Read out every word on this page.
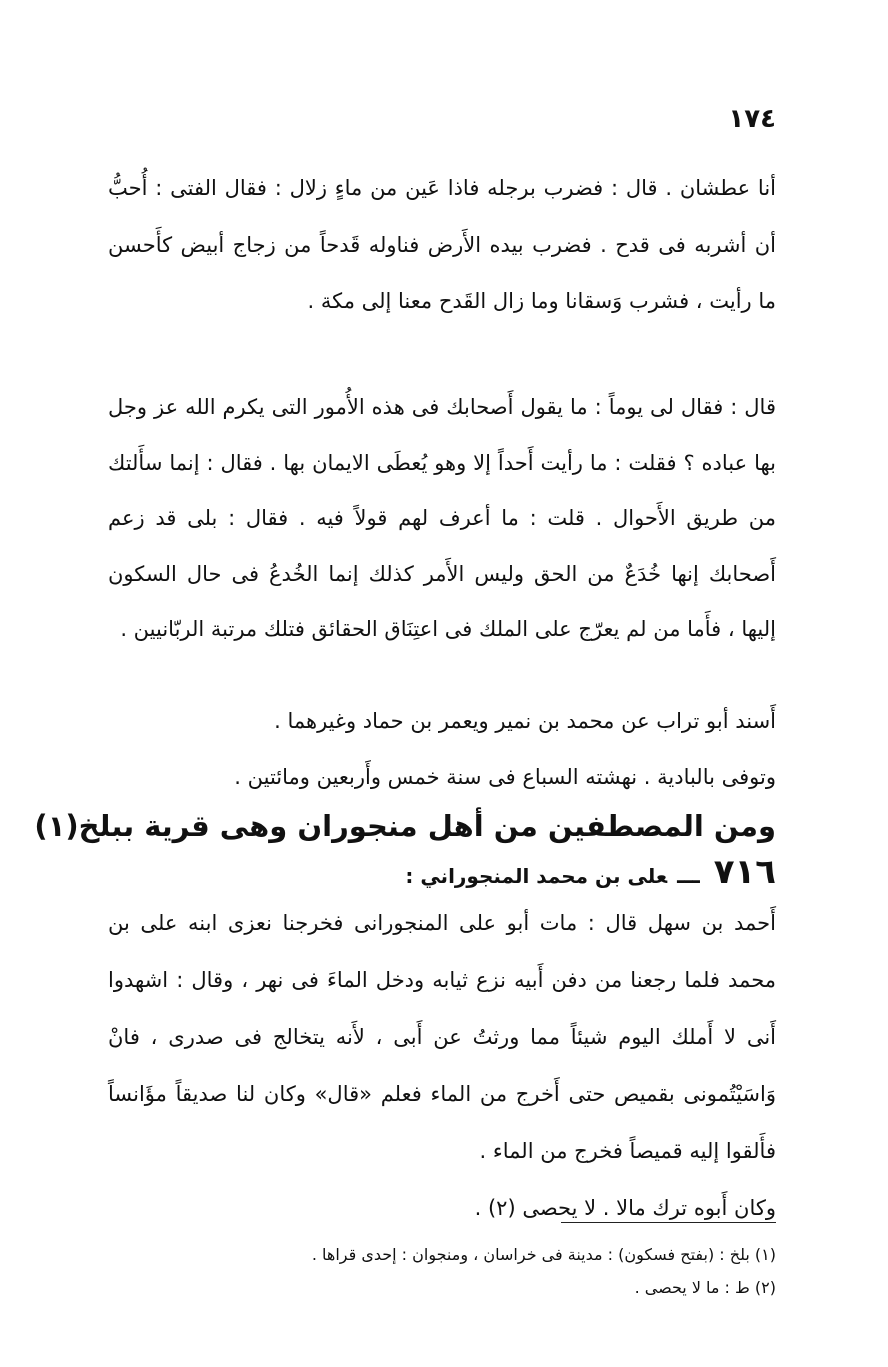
١٧٤

أنا عطشان . قال : فضرب برجله فاذا عَين من ماءٍ زلال : فقال الفتى : أُحبُّ أن أشربه فى قدح . فضرب بيده الأَرض فناوله قَدحاً من زجاج أبيض كأَحسن ما رأيت ، فشرب وَسقانا وما زال القَدح معنا إلى مكة .

قال : فقال لى يوماً : ما يقول أَصحابك فى هذه الأُمور التى يكرم الله عز وجل بها عباده ؟ فقلت : ما رأيت أَحداً إلا وهو يُعطَى الايمان بها . فقال : إنما سأَلتك من طريق الأَحوال . قلت : ما أعرف لهم قولاً فيه . فقال : بلى قد زعم أَصحابك إنها خُدَعٌ من الحق وليس الأَمر كذلك إنما الخُدعُ فى حال السكون إليها ، فأَما من لم يعرّج على الملك فى اعتِنَاق الحقائق فتلك مرتبة الربّانيين .

أَسند أبو تراب عن محمد بن نمير ويعمر بن حماد وغيرهما .

وتوفى بالبادية . نهشته السباع فى سنة خمس وأَربعين ومائتين .

ومن المصطفين من أهل منجوران وهى قرية ببلخ(١)
٧١٦ـــعلى بن محمد المنجوراني :

أَحمد بن سهل قال : مات أبو على المنجورانى فخرجنا نعزى ابنه على بن محمد فلما رجعنا من دفن أَبيه نزع ثيابه ودخل الماءَ فى نهر ، وقال : اشهدوا أَنى لا أَملك اليوم شيئاً مما ورثتُ عن أَبى ، لأَنه يتخالج فى صدرى ، فانْ وَاسَيْتُمونى بقميص حتى أَخرج من الماء فعلم «قال» وكان لنا صديقاً مؤَانساً فأَلقوا إليه قميصاً فخرج من الماء .

وكان أَبوه ترك مالا . لا يحصى (٢) .

(١) بلخ : (بفتح فسكون) : مدينة فى خراسان ، ومنجوان : إحدى قراها .

(٢) ط : ما لا يحصى .
